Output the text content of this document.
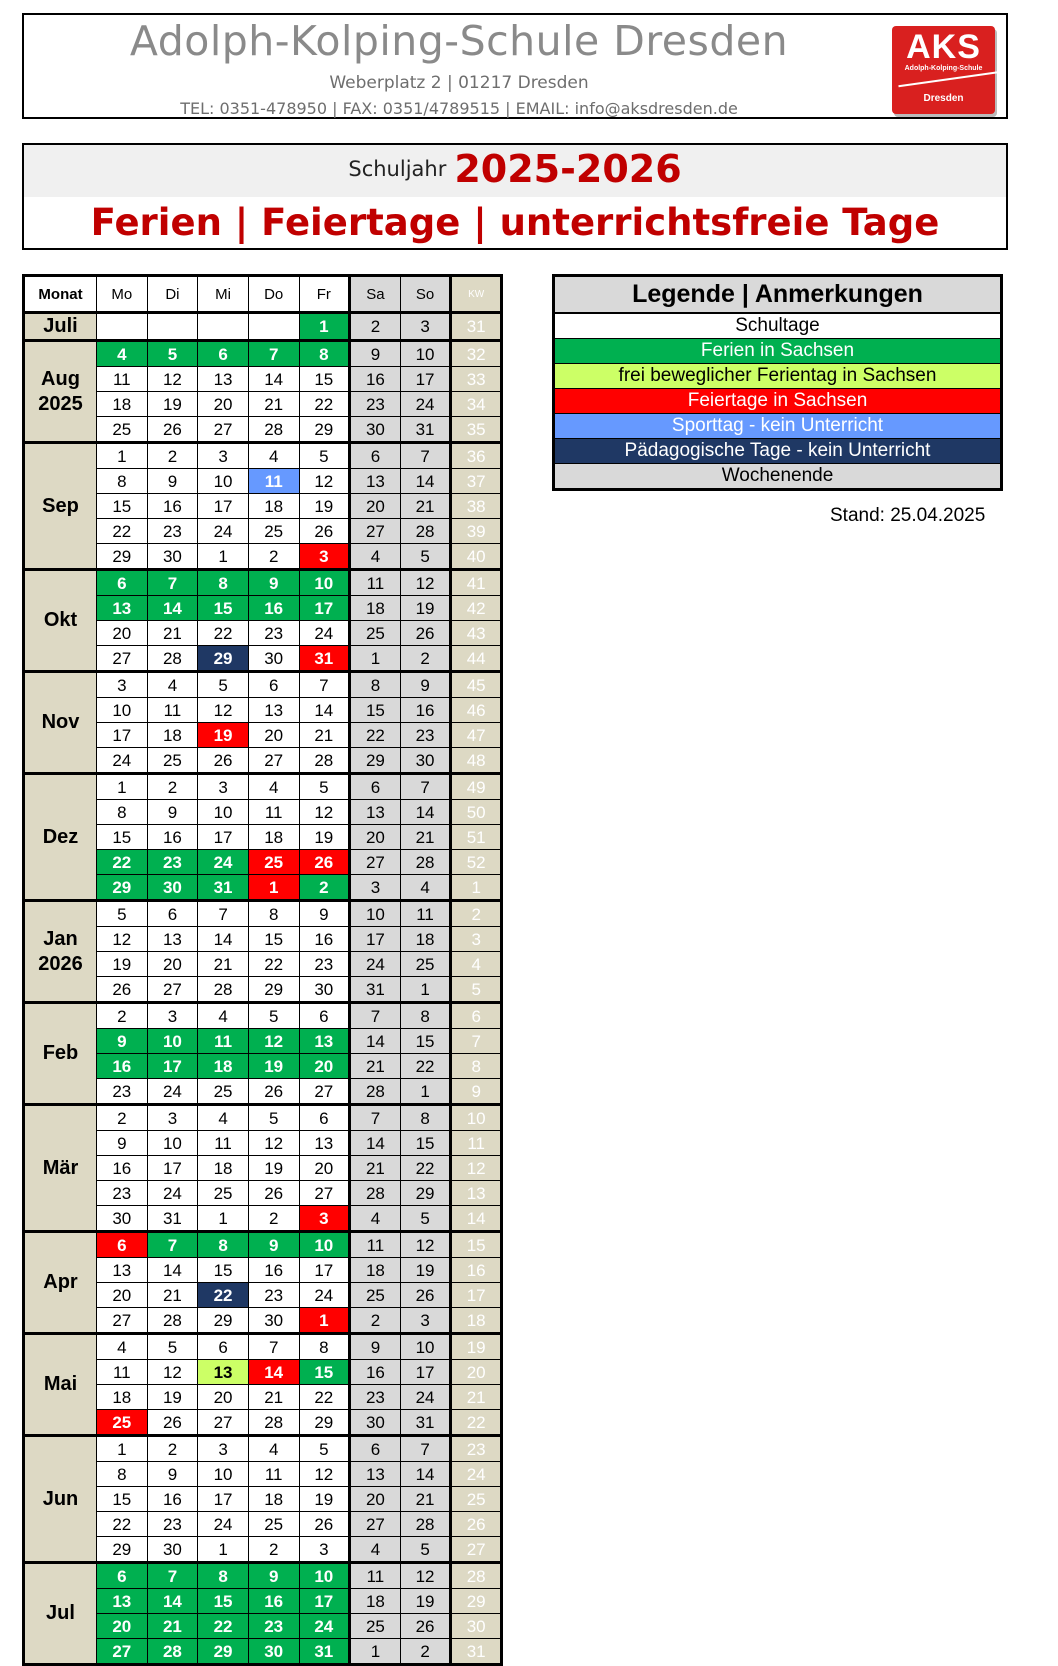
Adolph-Kolping-Schule Dresden
Weberplatz 2 | 01217 Dresden
TEL: 0351-478950 | FAX: 0351/4789515 | EMAIL: info@aksdresden.de
AKS
Adolph-Kolping-Schule
Dresden
Schuljahr 2025-2026
Ferien | Feiertage | unterrichtsfreie Tage
Monat	Mo	Di	Mi	Do	Fr	Sa	So	KW
Juli					1	2	3	31
Aug
2025	4	5	6	7	8	9	10	32
	11	12	13	14	15	16	17	33
	18	19	20	21	22	23	24	34
	25	26	27	28	29	30	31	35
Sep	1	2	3	4	5	6	7	36
	8	9	10	11	12	13	14	37
	15	16	17	18	19	20	21	38
	22	23	24	25	26	27	28	39
	29	30	1	2	3	4	5	40
Okt	6	7	8	9	10	11	12	41
	13	14	15	16	17	18	19	42
	20	21	22	23	24	25	26	43
	27	28	29	30	31	1	2	44
Nov	3	4	5	6	7	8	9	45
	10	11	12	13	14	15	16	46
	17	18	19	20	21	22	23	47
	24	25	26	27	28	29	30	48
Dez	1	2	3	4	5	6	7	49
	8	9	10	11	12	13	14	50
	15	16	17	18	19	20	21	51
	22	23	24	25	26	27	28	52
	29	30	31	1	2	3	4	1
Jan
2026	5	6	7	8	9	10	11	2
	12	13	14	15	16	17	18	3
	19	20	21	22	23	24	25	4
	26	27	28	29	30	31	1	5
Feb	2	3	4	5	6	7	8	6
	9	10	11	12	13	14	15	7
	16	17	18	19	20	21	22	8
	23	24	25	26	27	28	1	9
Mär	2	3	4	5	6	7	8	10
	9	10	11	12	13	14	15	11
	16	17	18	19	20	21	22	12
	23	24	25	26	27	28	29	13
	30	31	1	2	3	4	5	14
Apr	6	7	8	9	10	11	12	15
	13	14	15	16	17	18	19	16
	20	21	22	23	24	25	26	17
	27	28	29	30	1	2	3	18
Mai	4	5	6	7	8	9	10	19
	11	12	13	14	15	16	17	20
	18	19	20	21	22	23	24	21
	25	26	27	28	29	30	31	22
Jun	1	2	3	4	5	6	7	23
	8	9	10	11	12	13	14	24
	15	16	17	18	19	20	21	25
	22	23	24	25	26	27	28	26
	29	30	1	2	3	4	5	27
Jul	6	7	8	9	10	11	12	28
	13	14	15	16	17	18	19	29
	20	21	22	23	24	25	26	30
	27	28	29	30	31	1	2	31
Legende | Anmerkungen
Schultage
Ferien in Sachsen
frei beweglicher Ferientag in Sachsen
Feiertage in Sachsen
Sporttag - kein Unterricht
Pädagogische Tage - kein Unterricht
Wochenende
Stand: 25.04.2025
